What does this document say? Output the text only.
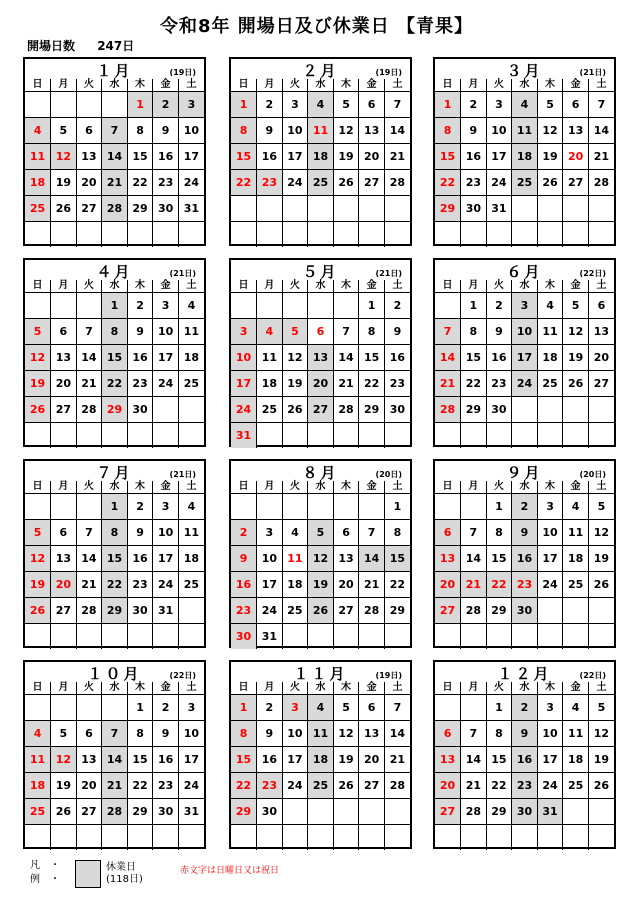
令和8年 開場日及び休業日 【青果】
開場日数 247日
１月	(19日)
日	月	火	水	木	金	土
				1	2	3
4	5	6	7	8	9	10
11	12	13	14	15	16	17
18	19	20	21	22	23	24
25	26	27	28	29	30	31

２月	(19日)
日	月	火	水	木	金	土
1	2	3	4	5	6	7
8	9	10	11	12	13	14
15	16	17	18	19	20	21
22	23	24	25	26	27	28

３月	(21日)
日	月	火	水	木	金	土
1	2	3	4	5	6	7
8	9	10	11	12	13	14
15	16	17	18	19	20	21
22	23	24	25	26	27	28
29	30	31				

４月	(21日)
日	月	火	水	木	金	土
			1	2	3	4
5	6	7	8	9	10	11
12	13	14	15	16	17	18
19	20	21	22	23	24	25
26	27	28	29	30		

５月	(21日)
日	月	火	水	木	金	土
					1	2
3	4	5	6	7	8	9
10	11	12	13	14	15	16
17	18	19	20	21	22	23
24	25	26	27	28	29	30
31						
６月	(22日)
日	月	火	水	木	金	土
	1	2	3	4	5	6
7	8	9	10	11	12	13
14	15	16	17	18	19	20
21	22	23	24	25	26	27
28	29	30				

７月	(21日)
日	月	火	水	木	金	土
			1	2	3	4
5	6	7	8	9	10	11
12	13	14	15	16	17	18
19	20	21	22	23	24	25
26	27	28	29	30	31	

８月	(20日)
日	月	火	水	木	金	土
						1
2	3	4	5	6	7	8
9	10	11	12	13	14	15
16	17	18	19	20	21	22
23	24	25	26	27	28	29
30	31					
９月	(20日)
日	月	火	水	木	金	土
		1	2	3	4	5
6	7	8	9	10	11	12
13	14	15	16	17	18	19
20	21	22	23	24	25	26
27	28	29	30			

１０月	(22日)
日	月	火	水	木	金	土
				1	2	3
4	5	6	7	8	9	10
11	12	13	14	15	16	17
18	19	20	21	22	23	24
25	26	27	28	29	30	31

１１月	(19日)
日	月	火	水	木	金	土
1	2	3	4	5	6	7
8	9	10	11	12	13	14
15	16	17	18	19	20	21
22	23	24	25	26	27	28
29	30					

１２月	(22日)
日	月	火	水	木	金	土
		1	2	3	4	5
6	7	8	9	10	11	12
13	14	15	16	17	18	19
20	21	22	23	24	25	26
27	28	29	30	31		

凡　・
例　・
休業日
(118日)
赤文字は日曜日又は祝日
